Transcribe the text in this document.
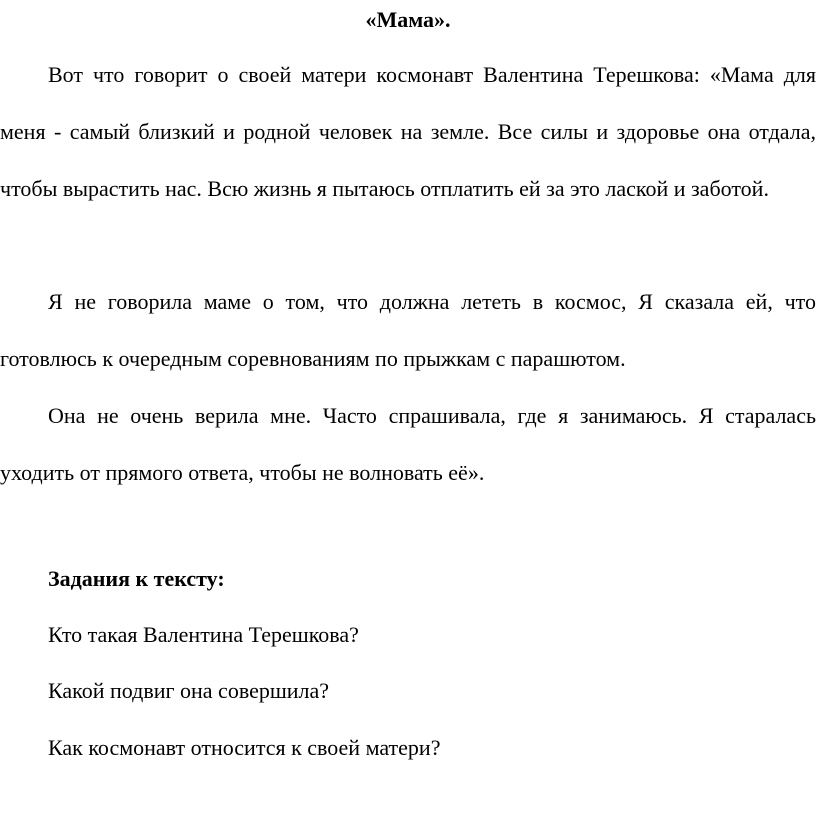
«Мама».

Вот что говорит о своей матери космонавт Валентина Терешкова: «Мама для меня - самый близкий и родной человек на земле. Все силы и здоровье она отдала, чтобы вырастить нас. Всю жизнь я пытаюсь отплатить ей за это лаской и заботой.

Я не говорила маме о том, что должна лететь в космос, Я сказала ей, что готовлюсь к очередным соревнованиям по прыжкам с парашютом.

Она не очень верила мне. Часто спрашивала, где я занимаюсь. Я старалась уходить от прямого ответа, чтобы не волновать её».

Задания к тексту:
Кто такая Валентина Терешкова?
Какой подвиг она совершила?
Как космонавт относится к своей матери?
